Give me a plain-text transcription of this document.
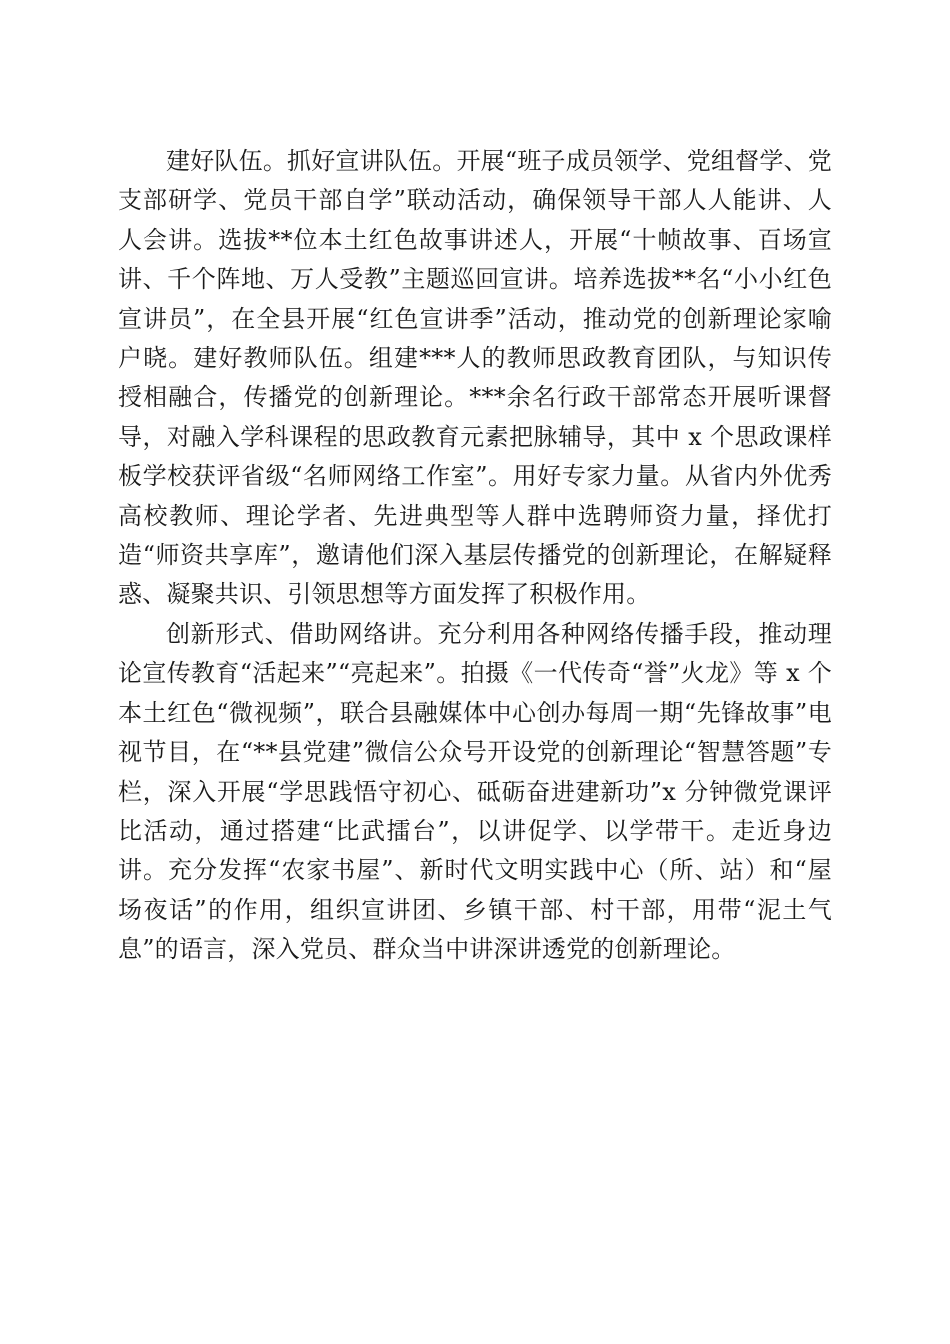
建好队伍。抓好宣讲队伍。开展“班子成员领学、党组督学、党支部研学、党员干部自学”联动活动，确保领导干部人人能讲、人人会讲。选拔**位本土红色故事讲述人，开展“十帧故事、百场宣讲、千个阵地、万人受教”主题巡回宣讲。培养选拔**名“小小红色宣讲员”，在全县开展“红色宣讲季”活动，推动党的创新理论家喻户晓。建好教师队伍。组建***人的教师思政教育团队，与知识传授相融合，传播党的创新理论。***余名行政干部常态开展听课督导，对融入学科课程的思政教育元素把脉辅导，其中 x 个思政课样板学校获评省级“名师网络工作室”。用好专家力量。从省内外优秀高校教师、理论学者、先进典型等人群中选聘师资力量，择优打造“师资共享库”，邀请他们深入基层传播党的创新理论，在解疑释惑、凝聚共识、引领思想等方面发挥了积极作用。

创新形式、借助网络讲。充分利用各种网络传播手段，推动理论宣传教育“活起来”“亮起来”。拍摄《一代传奇“誉”火龙》等 x 个本土红色“微视频”，联合县融媒体中心创办每周一期“先锋故事”电视节目，在“**县党建”微信公众号开设党的创新理论“智慧答题”专栏，深入开展“学思践悟守初心、砥砺奋进建新功”x 分钟微党课评比活动，通过搭建“比武擂台”，以讲促学、以学带干。走近身边讲。充分发挥“农家书屋”、新时代文明实践中心（所、站）和“屋场夜话”的作用，组织宣讲团、乡镇干部、村干部，用带“泥土气息”的语言，深入党员、群众当中讲深讲透党的创新理论。
